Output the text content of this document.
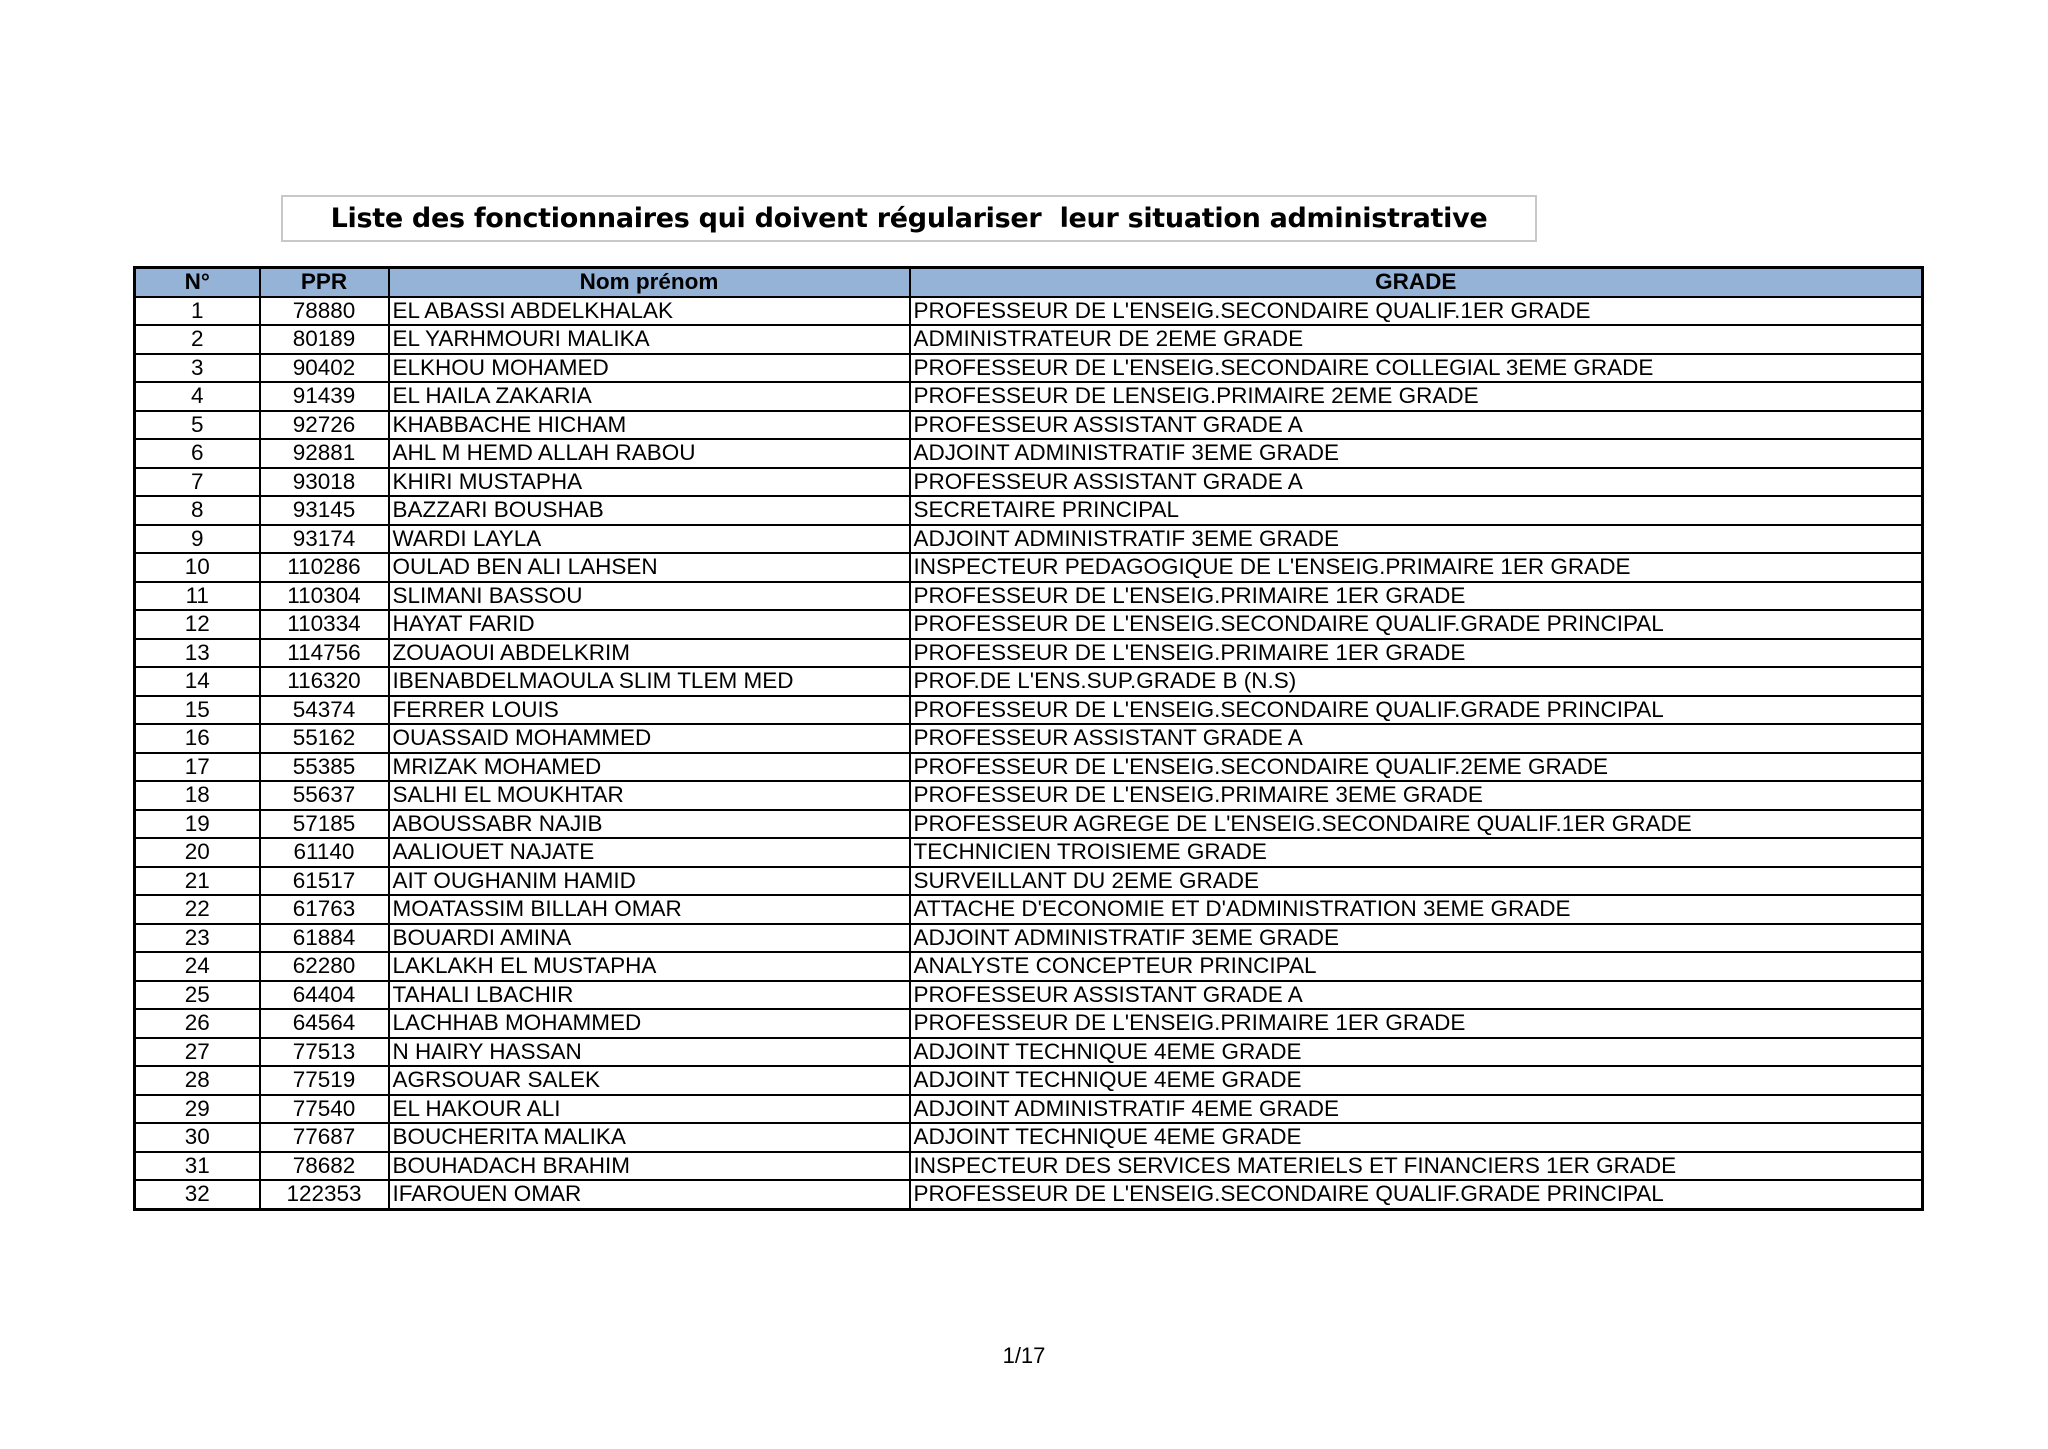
Liste des fonctionnaires qui doivent régulariser  leur situation administrative
N°	PPR	Nom prénom	GRADE
1	78880	EL ABASSI ABDELKHALAK	PROFESSEUR DE L'ENSEIG.SECONDAIRE QUALIF.1ER GRADE
2	80189	EL YARHMOURI MALIKA	ADMINISTRATEUR DE 2EME GRADE
3	90402	ELKHOU MOHAMED	PROFESSEUR DE L'ENSEIG.SECONDAIRE COLLEGIAL 3EME GRADE
4	91439	EL HAILA ZAKARIA	PROFESSEUR DE LENSEIG.PRIMAIRE 2EME GRADE
5	92726	KHABBACHE HICHAM	PROFESSEUR ASSISTANT GRADE A
6	92881	AHL M HEMD ALLAH RABOU	ADJOINT ADMINISTRATIF 3EME GRADE
7	93018	KHIRI MUSTAPHA	PROFESSEUR ASSISTANT GRADE A
8	93145	BAZZARI BOUSHAB	SECRETAIRE PRINCIPAL
9	93174	WARDI LAYLA	ADJOINT ADMINISTRATIF 3EME GRADE
10	110286	OULAD BEN ALI LAHSEN	INSPECTEUR PEDAGOGIQUE DE L'ENSEIG.PRIMAIRE 1ER GRADE
11	110304	SLIMANI BASSOU	PROFESSEUR DE L'ENSEIG.PRIMAIRE 1ER GRADE
12	110334	HAYAT FARID	PROFESSEUR DE L'ENSEIG.SECONDAIRE QUALIF.GRADE PRINCIPAL
13	114756	ZOUAOUI ABDELKRIM	PROFESSEUR DE L'ENSEIG.PRIMAIRE 1ER GRADE
14	116320	IBENABDELMAOULA SLIM TLEM MED	PROF.DE L'ENS.SUP.GRADE B (N.S)
15	54374	FERRER LOUIS	PROFESSEUR DE L'ENSEIG.SECONDAIRE QUALIF.GRADE PRINCIPAL
16	55162	OUASSAID MOHAMMED	PROFESSEUR ASSISTANT GRADE A
17	55385	MRIZAK MOHAMED	PROFESSEUR DE L'ENSEIG.SECONDAIRE QUALIF.2EME GRADE
18	55637	SALHI EL MOUKHTAR	PROFESSEUR DE L'ENSEIG.PRIMAIRE 3EME GRADE
19	57185	ABOUSSABR NAJIB	PROFESSEUR AGREGE DE L'ENSEIG.SECONDAIRE QUALIF.1ER GRADE
20	61140	AALIOUET NAJATE	TECHNICIEN TROISIEME GRADE
21	61517	AIT OUGHANIM HAMID	SURVEILLANT DU 2EME GRADE
22	61763	MOATASSIM BILLAH OMAR	ATTACHE D'ECONOMIE ET D'ADMINISTRATION 3EME GRADE
23	61884	BOUARDI AMINA	ADJOINT ADMINISTRATIF 3EME GRADE
24	62280	LAKLAKH EL MUSTAPHA	ANALYSTE CONCEPTEUR PRINCIPAL
25	64404	TAHALI LBACHIR	PROFESSEUR ASSISTANT GRADE A
26	64564	LACHHAB MOHAMMED	PROFESSEUR DE L'ENSEIG.PRIMAIRE 1ER GRADE
27	77513	N HAIRY HASSAN	ADJOINT TECHNIQUE 4EME GRADE
28	77519	AGRSOUAR SALEK	ADJOINT TECHNIQUE 4EME GRADE
29	77540	EL HAKOUR ALI	ADJOINT ADMINISTRATIF 4EME GRADE
30	77687	BOUCHERITA MALIKA	ADJOINT TECHNIQUE 4EME GRADE
31	78682	BOUHADACH BRAHIM	INSPECTEUR DES SERVICES MATERIELS ET FINANCIERS 1ER GRADE
32	122353	IFAROUEN OMAR	PROFESSEUR DE L'ENSEIG.SECONDAIRE QUALIF.GRADE PRINCIPAL
1/17
